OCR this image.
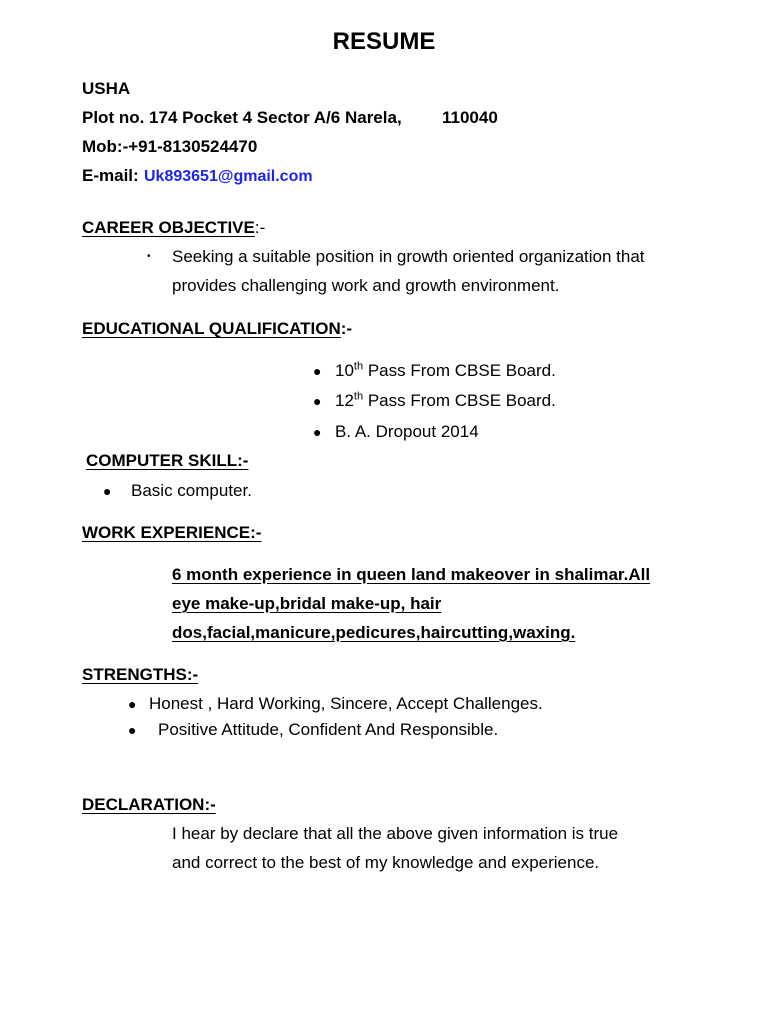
RESUME
USHA
Plot no. 174 Pocket 4 Sector A/6 Narela, 110040
Mob:-+91-8130524470
E-mail: Uk893651@gmail.com
CAREER OBJECTIVE:-
• Seeking a suitable position in growth oriented organization that
provides challenging work and growth environment.
EDUCATIONAL QUALIFICATION:-
● 10th Pass From CBSE Board.
● 12th Pass From CBSE Board.
● B. A. Dropout 2014
COMPUTER SKILL:-
● Basic computer.
WORK EXPERIENCE:-
6 month experience in queen land makeover in shalimar.All
eye make-up,bridal make-up, hair
dos,facial,manicure,pedicures,haircutting,waxing.
STRENGTHS:-
● Honest , Hard Working, Sincere, Accept Challenges.
● Positive Attitude, Confident And Responsible.
DECLARATION:-
I hear by declare that all the above given information is true
and correct to the best of my knowledge and experience.
